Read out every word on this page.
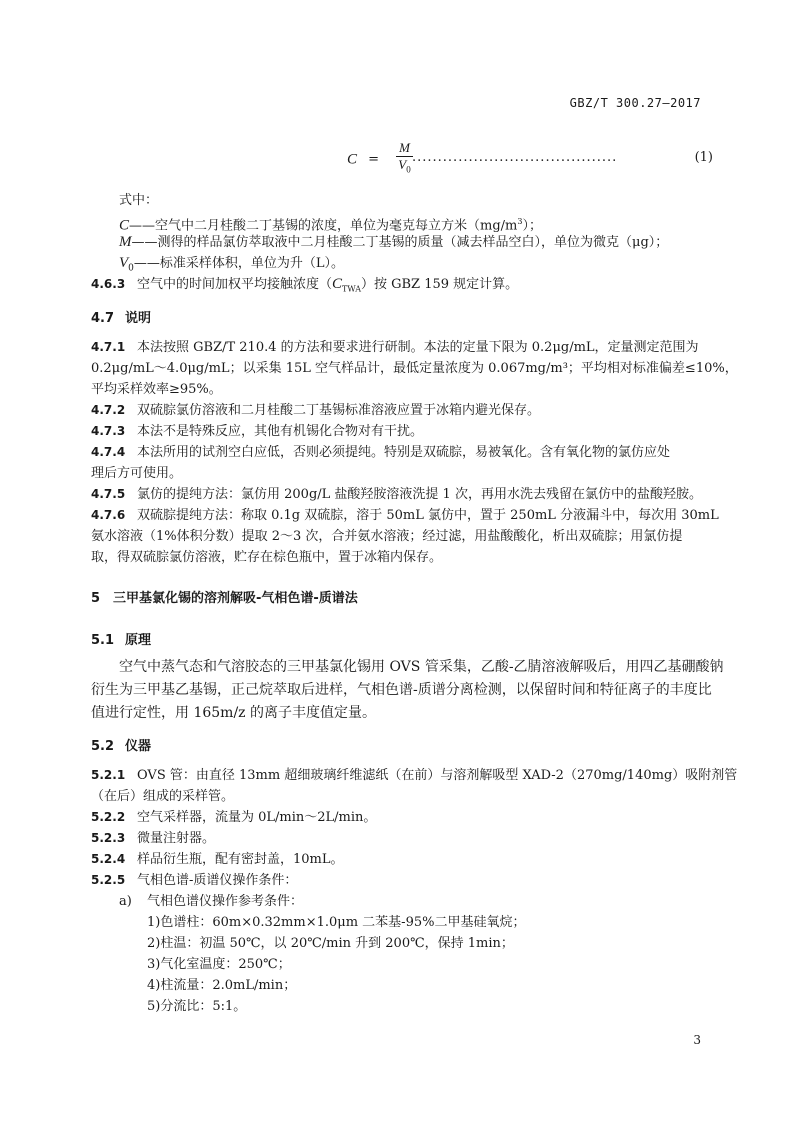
GBZ/T 300.27—2017
$C = \frac{M}{V_0}$ ........................................	(1)
式中：
C——空气中二月桂酸二丁基锡的浓度，单位为毫克每立方米$(mg/m^3)$；
M——测得的样品氯仿萃取液中二月桂酸二丁基锡的质量（减去样品空白），单位为微克（μg）；
$V_0——$标准采样体积，单位为升（L）。
4.6.3 空气中的时间加权平均接触浓度$(C_{TWA})$按 GBZ 159 规定计算。
4.7 说明
4.7.1 本法按照 GBZ/T 210.4 的方法和要求进行研制。本法的定量下限为 0.2μg/mL，定量测定范围为
0.2μg/mL～4.0μg/mL；以采集 15L 空气样品计，最低定量浓度为 0.067mg/m³；平均相对标准偏差≤10%，
平均采样效率≥95%。
4.7.2 双硫腙氯仿溶液和二月桂酸二丁基锡标准溶液应置于冰箱内避光保存。
4.7.3 本法不是特殊反应，其他有机锡化合物对有干扰。
4.7.4 本法所用的试剂空白应低，否则必须提纯。特别是双硫腙，易被氧化。含有氧化物的氯仿应处
理后方可使用。
4.7.5 氯仿的提纯方法：氯仿用 200g/L 盐酸羟胺溶液洗提 1 次，再用水洗去残留在氯仿中的盐酸羟胺。
4.7.6 双硫腙提纯方法：称取 0.1g 双硫腙，溶于 50mL 氯仿中，置于 250mL 分液漏斗中，每次用 30mL
氨水溶液（1%体积分数）提取 2～3 次，合并氨水溶液；经过滤，用盐酸酸化，析出双硫腙；用氯仿提
取，得双硫腙氯仿溶液，贮存在棕色瓶中，置于冰箱内保存。
5 三甲基氯化锡的溶剂解吸-气相色谱-质谱法
5.1 原理
空气中蒸气态和气溶胶态的三甲基氯化锡用 OVS 管采集，乙酸-乙腈溶液解吸后，用四乙基硼酸钠
衍生为三甲基乙基锡，正己烷萃取后进样，气相色谱-质谱分离检测，以保留时间和特征离子的丰度比
值进行定性，用 165m/z 的离子丰度值定量。
5.2 仪器
5.2.1 OVS 管：由直径 13mm 超细玻璃纤维滤纸（在前）与溶剂解吸型 XAD-2（270mg/140mg）吸附剂管
（在后）组成的采样管。
5.2.2 空气采样器，流量为 0L/min～2L/min。
5.2.3 微量注射器。
5.2.4 样品衍生瓶，配有密封盖，10mL。
5.2.5 气相色谱-质谱仪操作条件：
a) 气相色谱仪操作参考条件：
1)色谱柱：60m×0.32mm×1.0μm 二苯基-95%二甲基硅氧烷；
2)柱温：初温 50℃，以 20℃/min 升到 200℃，保持 1min；
3)气化室温度：250℃；
4)柱流量：2.0mL/min；
5)分流比：5:1。
3
